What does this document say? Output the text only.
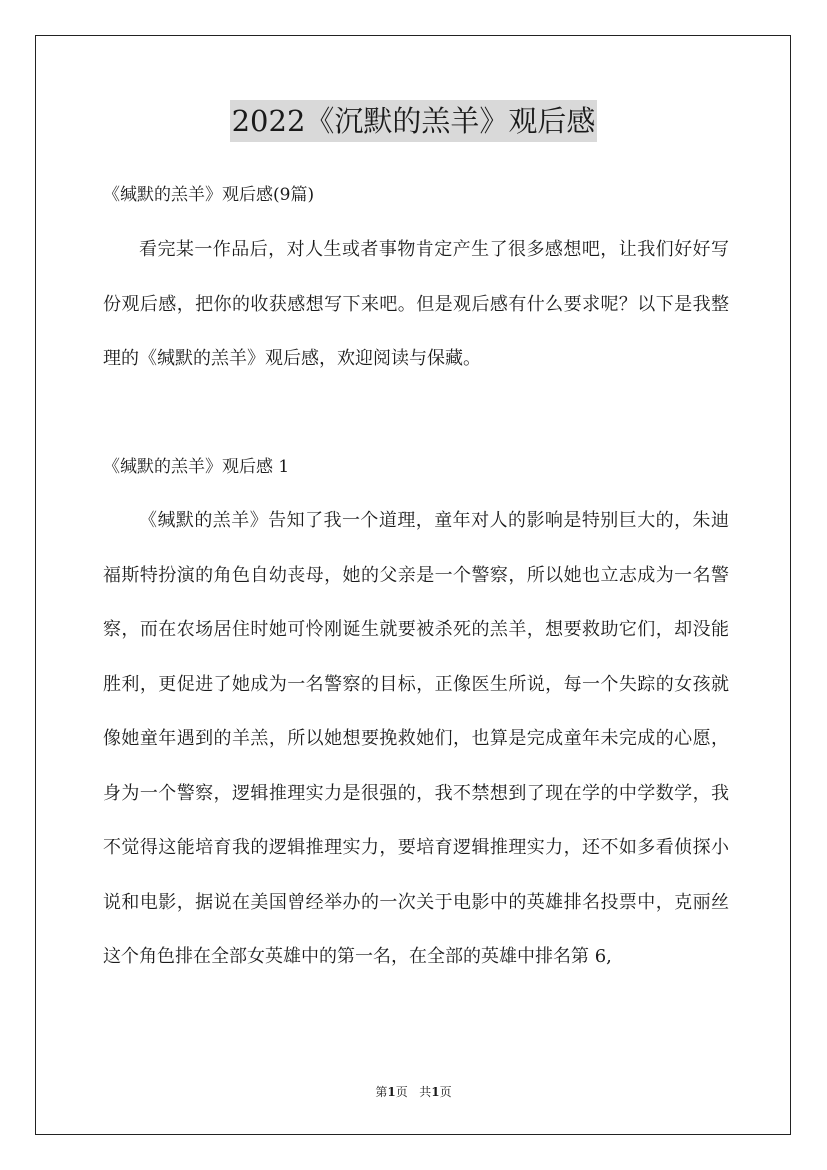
2022《沉默的羔羊》观后感
《缄默的羔羊》观后感(9篇)

看完某一作品后，对人生或者事物肯定产生了很多感想吧，让我们好好写份观后感，把你的收获感想写下来吧。但是观后感有什么要求呢？以下是我整理的《缄默的羔羊》观后感，欢迎阅读与保藏。

《缄默的羔羊》观后感 1

《缄默的羔羊》告知了我一个道理，童年对人的影响是特别巨大的，朱迪福斯特扮演的角色自幼丧母，她的父亲是一个警察，所以她也立志成为一名警察，而在农场居住时她可怜刚诞生就要被杀死的羔羊，想要救助它们，却没能胜利，更促进了她成为一名警察的目标，正像医生所说，每一个失踪的女孩就像她童年遇到的羊羔，所以她想要挽救她们，也算是完成童年未完成的心愿，身为一个警察，逻辑推理实力是很强的，我不禁想到了现在学的中学数学，我不觉得这能培育我的逻辑推理实力，要培育逻辑推理实力，还不如多看侦探小说和电影，据说在美国曾经举办的一次关于电影中的英雄排名投票中，克丽丝这个角色排在全部女英雄中的第一名，在全部的英雄中排名第 6,

第1页   共1页
